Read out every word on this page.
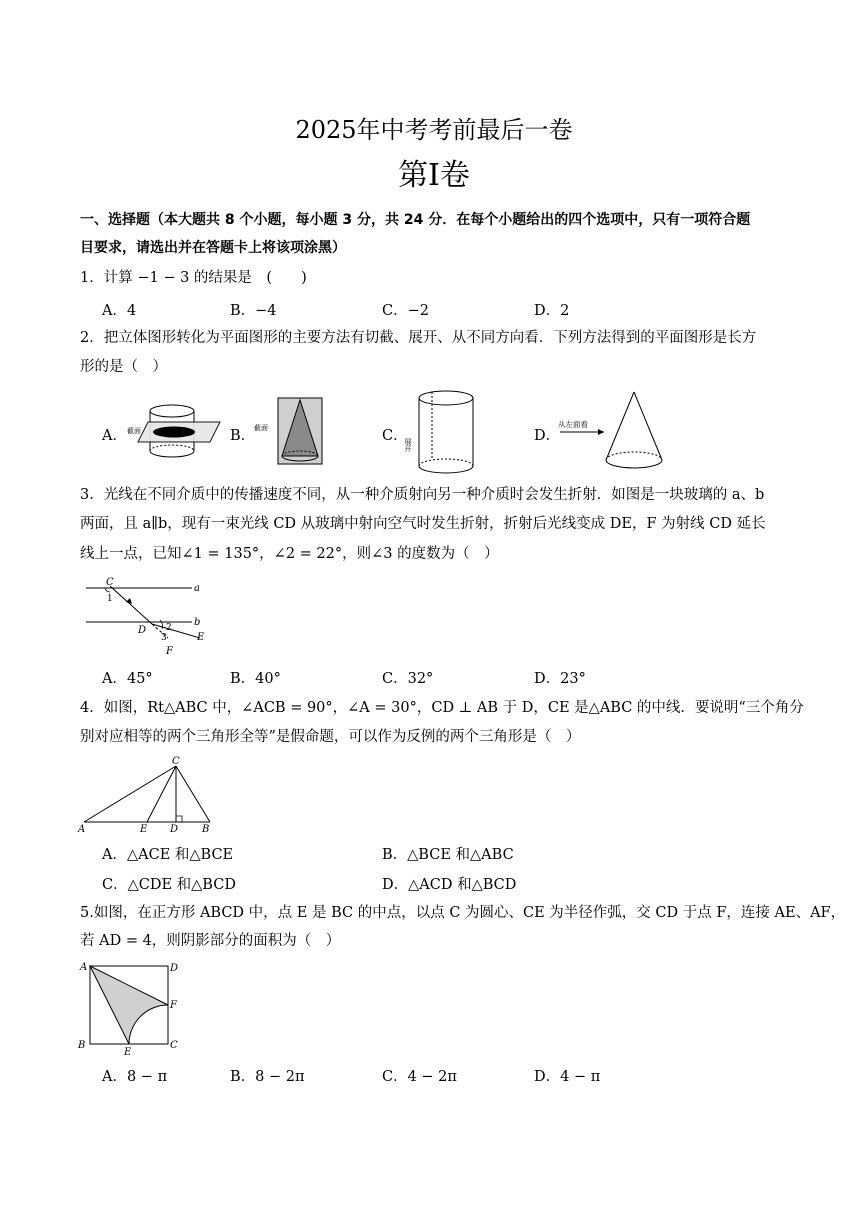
2025年中考考前最后一卷
第I卷
一、选择题（本大题共 8 个小题，每小题 3 分，共 24 分．在每个小题给出的四个选项中，只有一项符合题
目要求，请选出并在答题卡上将该项涂黑）
1．计算 −1 − 3 的结果是　(　　)
A．4	B．−4	C．−2	D．2
2．把立体图形转化为平面图形的主要方法有切截、展开、从不同方向看．下列方法得到的平面图形是长方
形的是（　）
A． 截面	B．
截面	C．
展开
D．
从左面看
3．光线在不同介质中的传播速度不同，从一种介质射向另一种介质时会发生折射．如图是一块玻璃的 a、b
两面，且 a∥b，现有一束光线 CD 从玻璃中射向空气时发生折射，折射后光线变成 DE，F 为射线 CD 延长
线上一点，已知∠1 = 135°，∠2 = 22°，则∠3 的度数为（　）
C
a
1
b
D 2
3	E
F
A．45°	B．40°	C．32°	D．23°
4．如图，Rt△ABC 中，∠ACB = 90°，∠A = 30°，CD ⊥ AB 于 D，CE 是△ABC 的中线．要说明“三个角分
别对应相等的两个三角形全等”是假命题，可以作为反例的两个三角形是（　）
A	E D B
C
A．△ACE 和△BCE	B．△BCE 和△ABC
C．△CDE 和△BCD	D．△ACD 和△BCD
5.如图，在正方形 ABCD 中，点 E 是 BC 的中点，以点 C 为圆心、CE 为半径作弧，交 CD 于点 F，连接 AE、AF，
若 AD = 4，则阴影部分的面积为（　）
A	D
F
B	C
E
A．8 − π	B．8 − 2π	C．4 − 2π	D．4 − π
